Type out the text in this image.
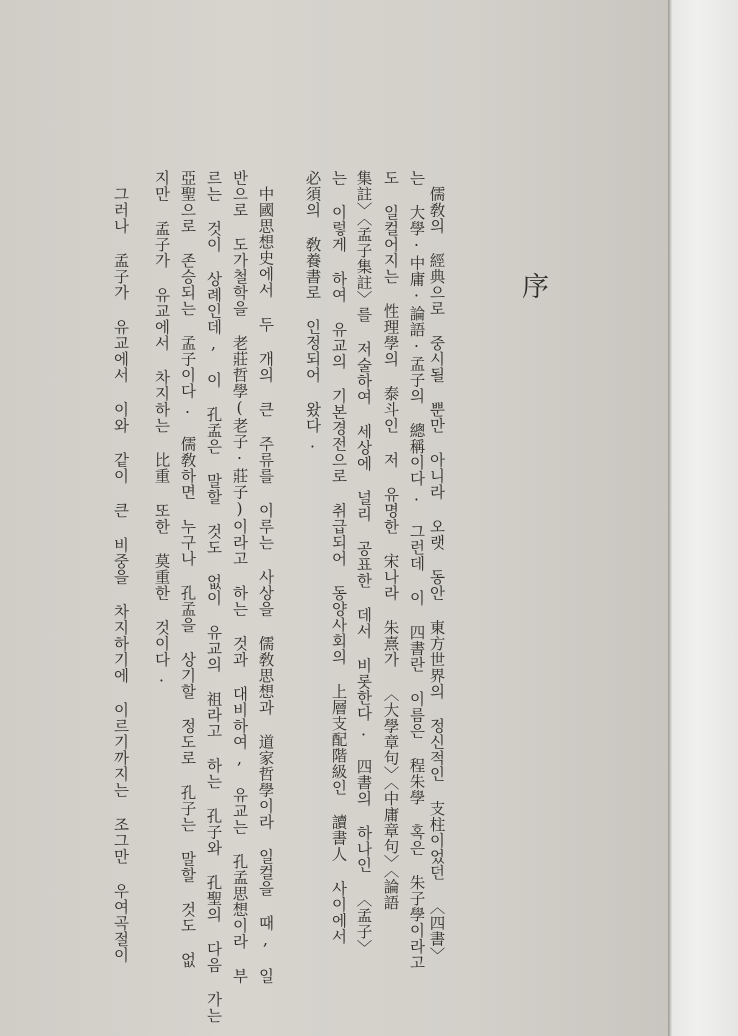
序
儒敎의 經典으로 중시될 뿐만 아니라 오랫 동안 東方世界의 정신적인 支柱이었던 〈四書〉
는 大學·中庸·論語·孟子의 總稱이다. 그런데 이 四書란 이름은 程朱學 혹은 朱子學이라고
도 일컬어지는 性理學의 泰斗인 저 유명한 宋나라 朱熹가 〈大學章句〉〈中庸章句〉〈論語
集註〉〈孟子集註〉를 저술하여 세상에 널리 공표한 데서 비롯한다. 四書의 하나인 〈孟子〉
는 이렇게 하여 유교의 기본경전으로 취급되어 동양사회의 上層支配階級인 讀書人 사이에서
必須의 敎養書로 인정되어 왔다.
中國思想史에서 두 개의 큰 주류를 이루는 사상을 儒敎思想과 道家哲學이라 일컬을 때, 일
반으로 도가철학을 老莊哲學(老子·莊子)이라고 하는 것과 대비하여, 유교는 孔孟思想이라 부
르는 것이 상례인데, 이 孔孟은 말할 것도 없이 유교의 祖라고 하는 孔子와 孔聖의 다음 가는
亞聖으로 존승되는 孟子이다. 儒敎하면 누구나 孔孟을 상기할 정도로 孔子는 말할 것도 없
지만 孟子가 유교에서 차지하는 比重 또한 莫重한 것이다.
그러나 孟子가 유교에서 이와 같이 큰 비중을 차지하기에 이르기까지는 조그만 우여곡절이
